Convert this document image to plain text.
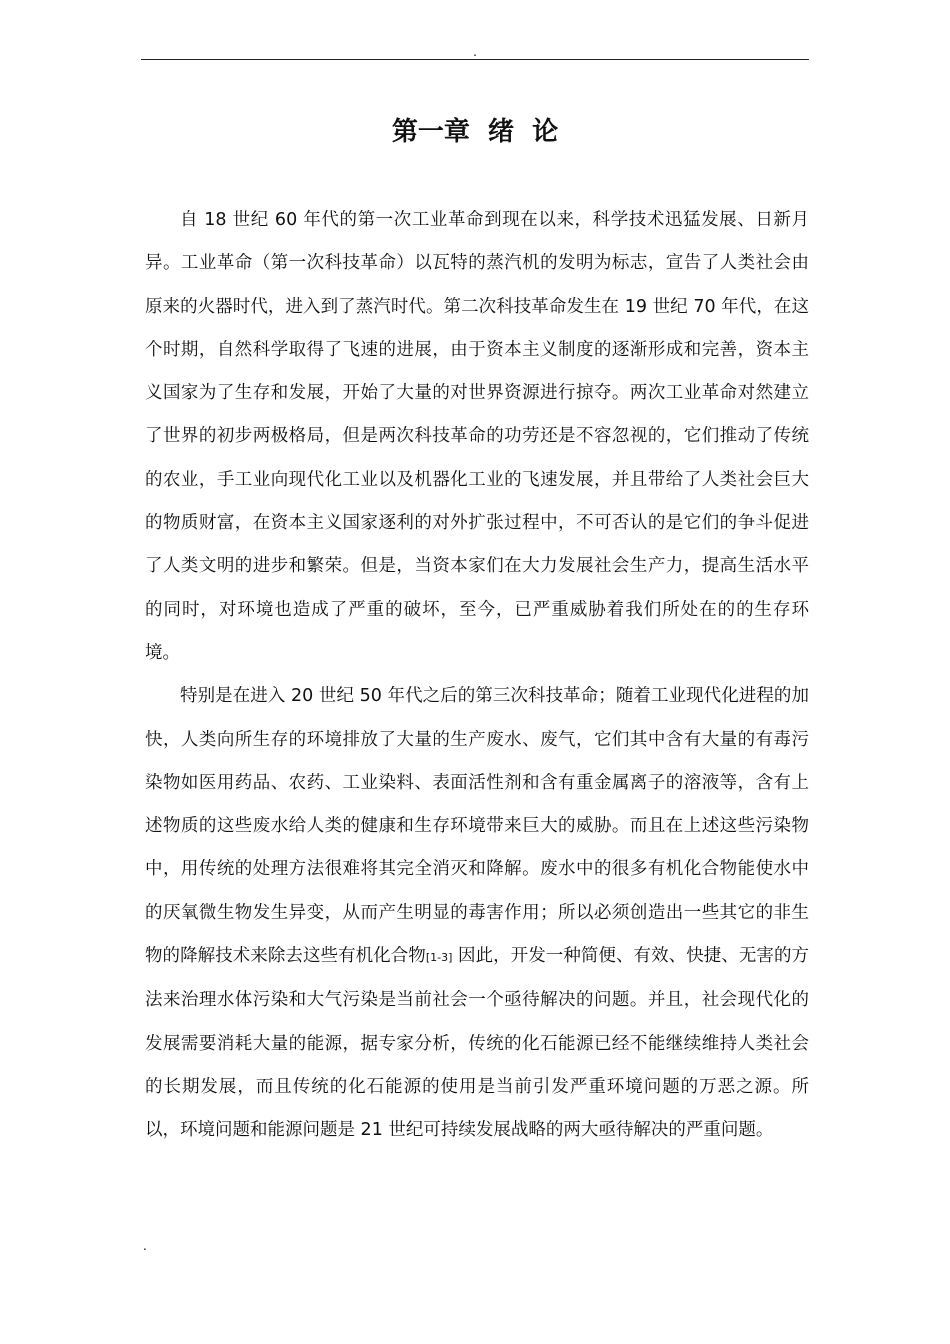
.
第一章  绪  论

自 18 世纪 60 年代的第一次工业革命到现在以来，科学技术迅猛发展、日新月异。工业革命（第一次科技革命）以瓦特的蒸汽机的发明为标志，宣告了人类社会由原来的火器时代，进入到了蒸汽时代。第二次科技革命发生在 19 世纪 70 年代，在这个时期，自然科学取得了飞速的进展，由于资本主义制度的逐渐形成和完善，资本主义国家为了生存和发展，开始了大量的对世界资源进行掠夺。两次工业革命对然建立了世界的初步两极格局，但是两次科技革命的功劳还是不容忽视的，它们推动了传统的农业，手工业向现代化工业以及机器化工业的飞速发展，并且带给了人类社会巨大的物质财富，在资本主义国家逐利的对外扩张过程中，不可否认的是它们的争斗促进了人类文明的进步和繁荣。但是，当资本家们在大力发展社会生产力，提高生活水平的同时，对环境也造成了严重的破坏，至今，已严重威胁着我们所处在的的生存环境。

特别是在进入 20 世纪 50 年代之后的第三次科技革命；随着工业现代化进程的加快，人类向所生存的环境排放了大量的生产废水、废气，它们其中含有大量的有毒污染物如医用药品、农药、工业染料、表面活性剂和含有重金属离子的溶液等，含有上述物质的这些废水给人类的健康和生存环境带来巨大的威胁。而且在上述这些污染物中，用传统的处理方法很难将其完全消灭和降解。废水中的很多有机化合物能使水中的厌氧微生物发生异变，从而产生明显的毒害作用；所以必须创造出一些其它的非生物的降解技术来除去这些有机化合物[1-3] 因此，开发一种简便、有效、快捷、无害的方法来治理水体污染和大气污染是当前社会一个亟待解决的问题。并且，社会现代化的发展需要消耗大量的能源，据专家分析，传统的化石能源已经不能继续维持人类社会的长期发展，而且传统的化石能源的使用是当前引发严重环境问题的万恶之源。所以，环境问题和能源问题是 21 世纪可持续发展战略的两大亟待解决的严重问题。

.
